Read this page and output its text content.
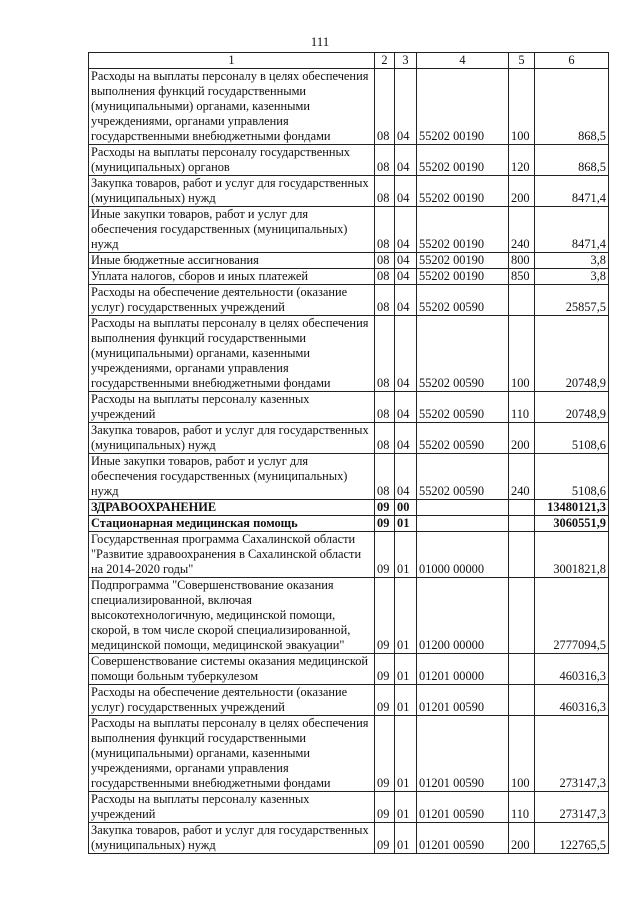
111
1	2	3	4	5	6
Расходы на выплаты персоналу в целях обеспечения выполнения функций государственными (муниципальными) органами, казенными учреждениями, органами управления государственными внебюджетными фондами	08	04	55202 00190	100	868,5
Расходы на выплаты персоналу государственных (муниципальных) органов	08	04	55202 00190	120	868,5
Закупка товаров, работ и услуг для государственных (муниципальных) нужд	08	04	55202 00190	200	8471,4
Иные закупки товаров, работ и услуг для обеспечения государственных (муниципальных) нужд	08	04	55202 00190	240	8471,4
Иные бюджетные ассигнования	08	04	55202 00190	800	3,8
Уплата налогов, сборов и иных платежей	08	04	55202 00190	850	3,8
Расходы на обеспечение деятельности (оказание услуг) государственных учреждений	08	04	55202 00590		25857,5
Расходы на выплаты персоналу в целях обеспечения выполнения функций государственными (муниципальными) органами, казенными учреждениями, органами управления государственными внебюджетными фондами	08	04	55202 00590	100	20748,9
Расходы на выплаты персоналу казенных учреждений	08	04	55202 00590	110	20748,9
Закупка товаров, работ и услуг для государственных (муниципальных) нужд	08	04	55202 00590	200	5108,6
Иные закупки товаров, работ и услуг для обеспечения государственных (муниципальных) нужд	08	04	55202 00590	240	5108,6
ЗДРАВООХРАНЕНИЕ	09	00			13480121,3
Стационарная медицинская помощь	09	01			3060551,9
Государственная программа Сахалинской области "Развитие здравоохранения в Сахалинской области на 2014-2020 годы"	09	01	01000 00000		3001821,8
Подпрограмма "Совершенствование оказания специализированной, включая высокотехнологичную, медицинской помощи, скорой, в том числе скорой специализированной, медицинской помощи, медицинской эвакуации"	09	01	01200 00000		2777094,5
Совершенствование системы оказания медицинской помощи больным туберкулезом	09	01	01201 00000		460316,3
Расходы на обеспечение деятельности (оказание услуг) государственных учреждений	09	01	01201 00590		460316,3
Расходы на выплаты персоналу в целях обеспечения выполнения функций государственными (муниципальными) органами, казенными учреждениями, органами управления государственными внебюджетными фондами	09	01	01201 00590	100	273147,3
Расходы на выплаты персоналу казенных учреждений	09	01	01201 00590	110	273147,3
Закупка товаров, работ и услуг для государственных (муниципальных) нужд	09	01	01201 00590	200	122765,5
